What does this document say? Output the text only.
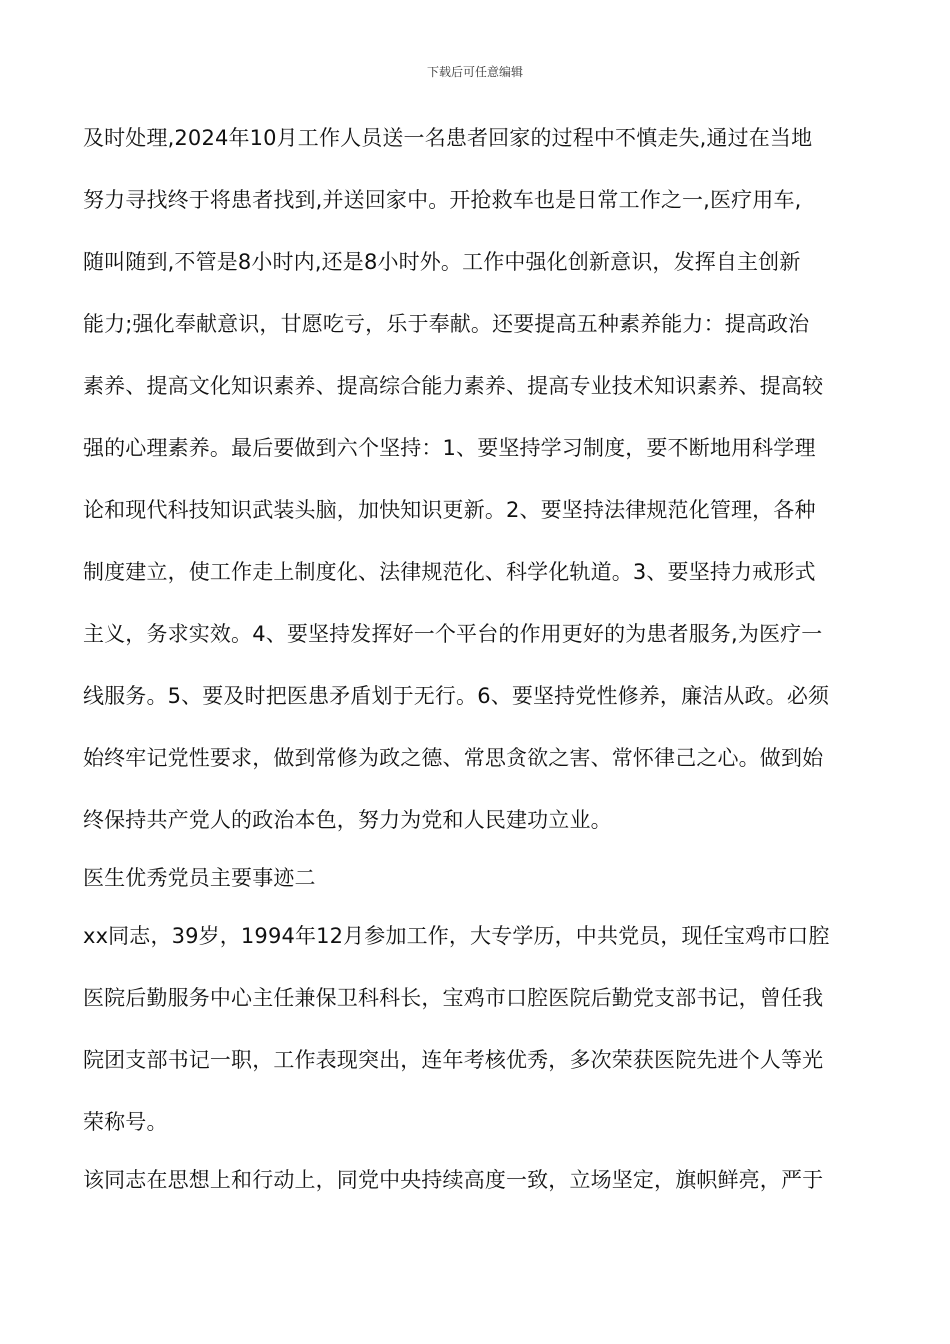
下载后可任意编辑
及时处理,2024年10月工作人员送一名患者回家的过程中不慎走失,通过在当地
努力寻找终于将患者找到,并送回家中。开抢救车也是日常工作之一,医疗用车,
随叫随到,不管是8小时内,还是8小时外。工作中强化创新意识，发挥自主创新
能力;强化奉献意识，甘愿吃亏，乐于奉献。还要提高五种素养能力：提高政治
素养、提高文化知识素养、提高综合能力素养、提高专业技术知识素养、提高较
强的心理素养。最后要做到六个坚持：1、要坚持学习制度，要不断地用科学理
论和现代科技知识武装头脑，加快知识更新。2、要坚持法律规范化管理，各种
制度建立，使工作走上制度化、法律规范化、科学化轨道。3、要坚持力戒形式
主义，务求实效。4、要坚持发挥好一个平台的作用更好的为患者服务,为医疗一
线服务。5、要及时把医患矛盾划于无行。6、要坚持党性修养，廉洁从政。必须
始终牢记党性要求，做到常修为政之德、常思贪欲之害、常怀律己之心。做到始
终保持共产党人的政治本色，努力为党和人民建功立业。
医生优秀党员主要事迹二
xx同志，39岁，1994年12月参加工作，大专学历，中共党员，现任宝鸡市口腔
医院后勤服务中心主任兼保卫科科长，宝鸡市口腔医院后勤党支部书记，曾任我
院团支部书记一职，工作表现突出，连年考核优秀，多次荣获医院先进个人等光
荣称号。
该同志在思想上和行动上，同党中央持续高度一致，立场坚定，旗帜鲜亮，严于
